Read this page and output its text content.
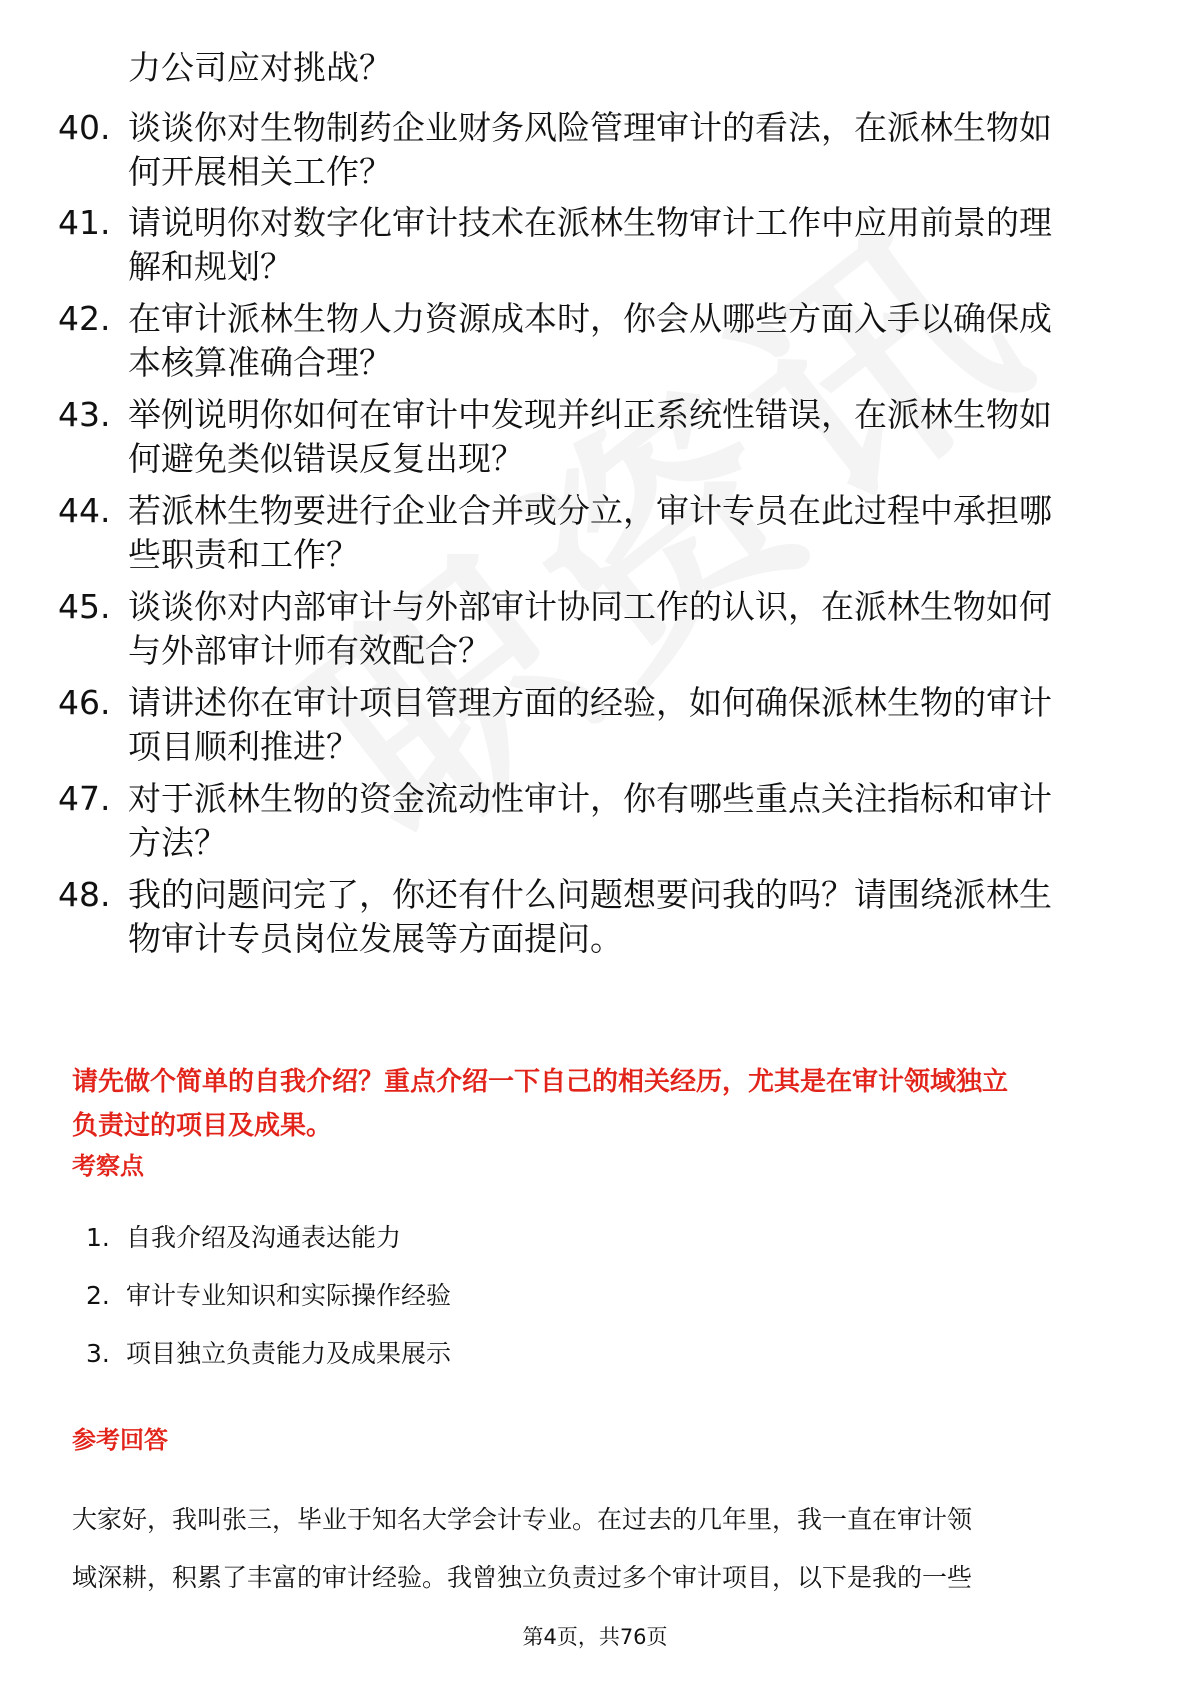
力公司应对挑战？
40. 谈谈你对生物制药企业财务风险管理审计的看法，在派林生物如
何开展相关工作？
41. 请说明你对数字化审计技术在派林生物审计工作中应用前景的理
解和规划？
42. 在审计派林生物人力资源成本时，你会从哪些方面入手以确保成
本核算准确合理？
43. 举例说明你如何在审计中发现并纠正系统性错误，在派林生物如
何避免类似错误反复出现？
44. 若派林生物要进行企业合并或分立，审计专员在此过程中承担哪
些职责和工作？
45. 谈谈你对内部审计与外部审计协同工作的认识，在派林生物如何
与外部审计师有效配合？
46. 请讲述你在审计项目管理方面的经验，如何确保派林生物的审计
项目顺利推进？
47. 对于派林生物的资金流动性审计，你有哪些重点关注指标和审计
方法？
48. 我的问题问完了，你还有什么问题想要问我的吗？请围绕派林生
物审计专员岗位发展等方面提问。
请先做个简单的自我介绍？重点介绍一下自己的相关经历，尤其是在审计领域独立
负责过的项目及成果。
考察点
1. 自我介绍及沟通表达能力
2. 审计专业知识和实际操作经验
3. 项目独立负责能力及成果展示
参考回答
大家好，我叫张三，毕业于知名大学会计专业。在过去的几年里，我一直在审计领
域深耕，积累了丰富的审计经验。我曾独立负责过多个审计项目，以下是我的一些
第4页，共76页
